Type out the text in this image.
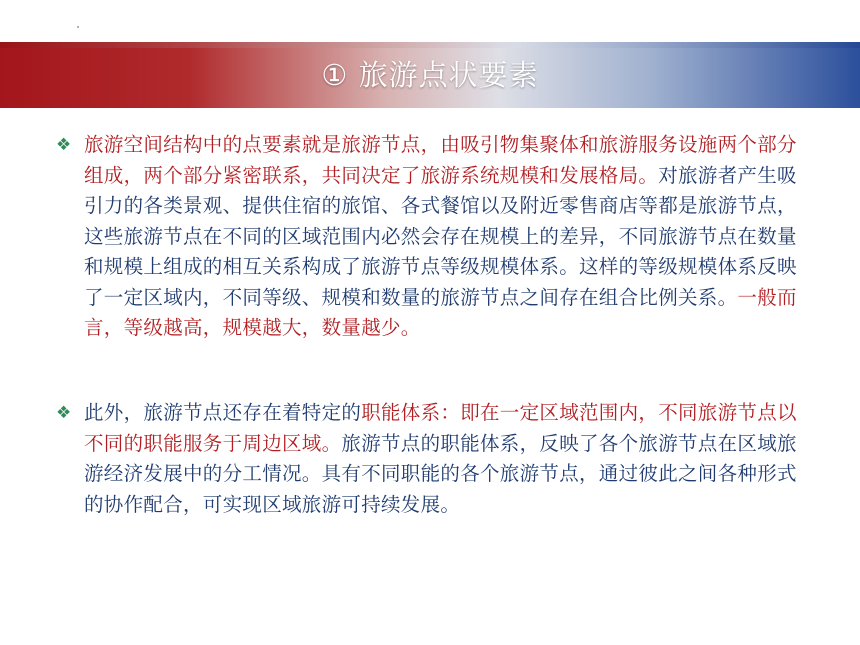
① 旅游点状要素
❖ 旅游空间结构中的点要素就是旅游节点，由吸引物集聚体和旅游服务设施两个部分组成，两个部分紧密联系，共同决定了旅游系统规模和发展格局。对旅游者产生吸引力的各类景观、提供住宿的旅馆、各式餐馆以及附近零售商店等都是旅游节点，这些旅游节点在不同的区域范围内必然会存在规模上的差异，不同旅游节点在数量和规模上组成的相互关系构成了旅游节点等级规模体系。这样的等级规模体系反映了一定区域内，不同等级、规模和数量的旅游节点之间存在组合比例关系。一般而言，等级越高，规模越大，数量越少。
❖ 此外，旅游节点还存在着特定的职能体系：即在一定区域范围内，不同旅游节点以不同的职能服务于周边区域。旅游节点的职能体系，反映了各个旅游节点在区域旅游经济发展中的分工情况。具有不同职能的各个旅游节点，通过彼此之间各种形式的协作配合，可实现区域旅游可持续发展。
